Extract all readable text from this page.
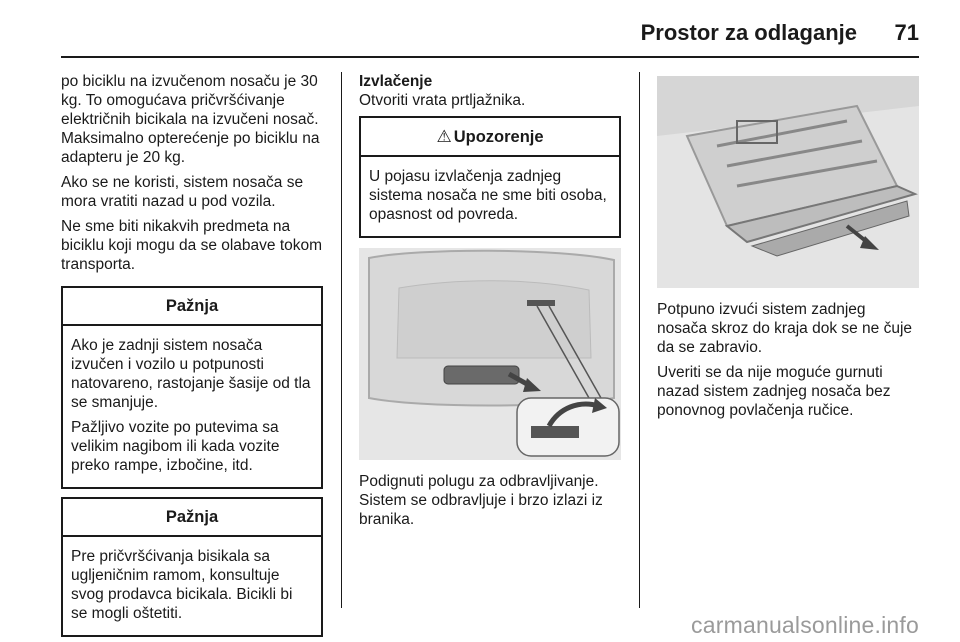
Prostor za odlaganje 71

po biciklu na izvučenom nosaču je 30 kg. To omogućava pričvršćivanje električnih bicikala na izvučeni nosač. Maksimalno opterećenje po biciklu na adapteru je 20 kg.

Ako se ne koristi, sistem nosača se mora vratiti nazad u pod vozila.

Ne sme biti nikakvih predmeta na biciklu koji mogu da se olabave tokom transporta.

Pažnja

Ako je zadnji sistem nosača izvučen i vozilo u potpunosti natovareno, rastojanje šasije od tla se smanjuje.

Pažljivo vozite po putevima sa velikim nagibom ili kada vozite preko rampe, izbočine, itd.

Pažnja

Pre pričvršćivanja bisikala sa ugljeničnim ramom, konsultuje svog prodavca bicikala. Bicikli bi se mogli oštetiti.

Izvlačenje

Otvoriti vrata prtljažnika.

⚠ Upozorenje

U pojasu izvlačenja zadnjeg sistema nosača ne sme biti osoba, opasnost od povreda.

Podignuti polugu za odbravljivanje. Sistem se odbravljuje i brzo izlazi iz branika.

Potpuno izvući sistem zadnjeg nosača skroz do kraja dok se ne čuje da se zabravio.

Uveriti se da nije moguće gurnuti nazad sistem zadnjeg nosača bez ponovnog povlačenja ručice.

carmanualsonline.info
